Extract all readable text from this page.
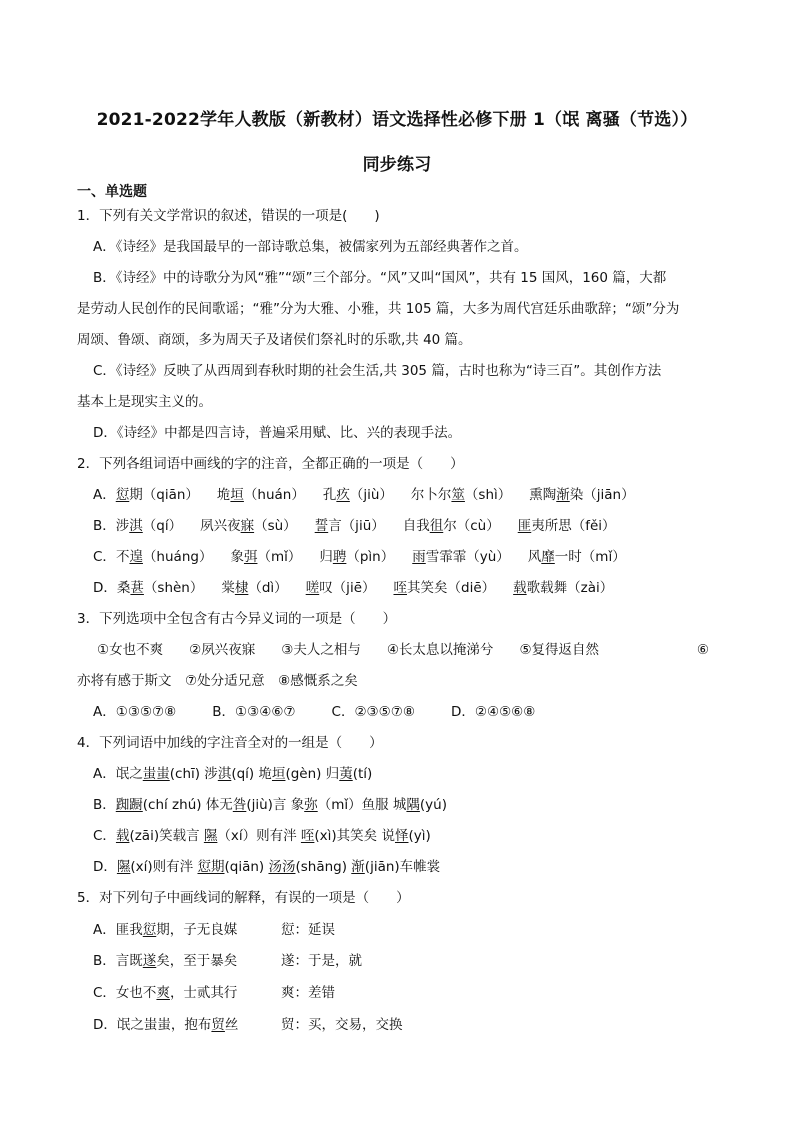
2021-2022学年人教版（新教材）语文选择性必修下册 1（氓 离骚（节选））
同步练习
一、单选题
1．下列有关文学常识的叙述，错误的一项是(　　)
A．《诗经》是我国最早的一部诗歌总集，被儒家列为五部经典著作之首。
B．《诗经》中的诗歌分为风“雅”“颂”三个部分。“风”又叫“国风”，共有 15 国风，160 篇，大都
是劳动人民创作的民间歌谣；“雅”分为大雅、小雅，共 105 篇，大多为周代宫廷乐曲歌辞；“颂”分为
周颂、鲁颂、商颂，多为周天子及诸侯们祭礼时的乐歌,共 40 篇。
C．《诗经》反映了从西周到春秋时期的社会生活,共 305 篇，古时也称为“诗三百”。其创作方法
基本上是现实主义的。
D．《诗经》中都是四言诗，普遍采用赋、比、兴的表现手法。
2．下列各组词语中画线的字的注音，全都正确的一项是（　　）
A．愆期（qiān） 垝垣（huán） 孔疚（jiù） 尔卜尔筮（shì） 熏陶渐染（jiān）
B．涉淇（qí） 夙兴夜寐（sù） 誓言（jiū） 自我徂尔（cù） 匪夷所思（fěi）
C．不遑（huáng） 象弭（mǐ） 归聘（pìn） 雨雪霏霏（yù） 风靡一时（mǐ）
D．桑葚（shèn） 棠棣（dì） 嗟叹（jiē） 咥其笑矣（diē） 载歌载舞（zài）
3．下列选项中全包含有古今异义词的一项是（　　）
①女也不爽 ②夙兴夜寐 ③夫人之相与 ④长太息以掩涕兮 ⑤复得返自然	⑥
亦将有感于斯文　⑦处分适兄意　⑧感慨系之矣
A．①③⑤⑦⑧	B．①③④⑥⑦	C．②③⑤⑦⑧	D．②④⑤⑥⑧
4．下列词语中加线的字注音全对的一组是（　　）
A．氓之蚩蚩(chī) 涉淇(qí) 垝垣(gèn) 归荑(tí)
B．踟蹰(chí zhú) 体无咎(jiù)言 象弥（mǐ）鱼服 城隅(yú)
C．载(zāi)笑载言 隰（xí）则有泮 咥(xì)其笑矣 说怿(yì)
D．隰(xí)则有泮 愆期(qiān) 汤汤(shāng) 渐(jiān)车帷裳
5．对下列句子中画线词的解释，有误的一项是（　　）
A．匪我愆期，子无良媒	愆：延误
B．言既遂矣，至于暴矣	遂：于是，就
C．女也不爽，士贰其行	爽：差错
D．氓之蚩蚩，抱布贸丝	贸：买，交易，交换
